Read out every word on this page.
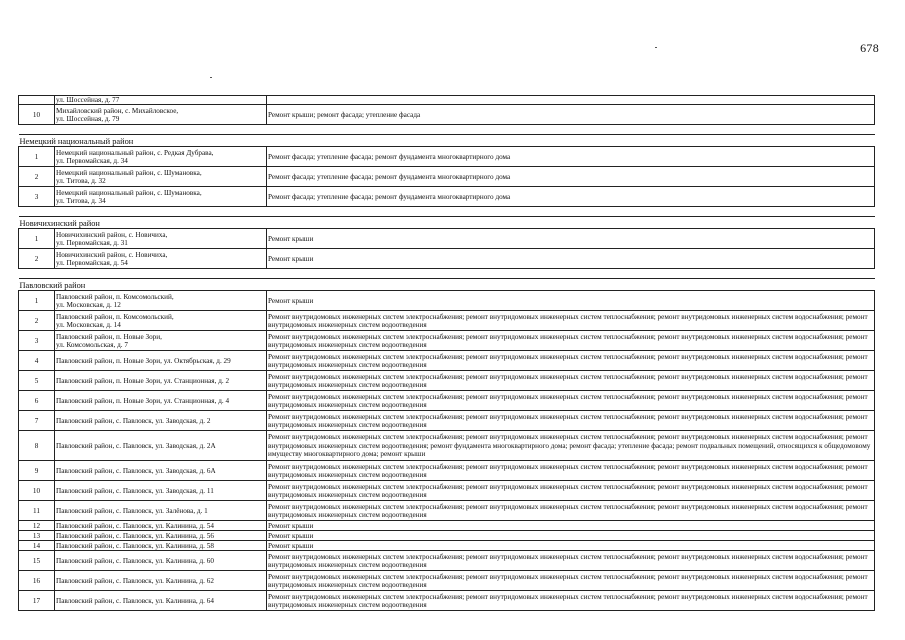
678

	ул. Шоссейная, д. 77	

10	Михайловский район, с. Михайловское,
ул. Шоссейная, д. 79	Ремонт крыши; ремонт фасада; утепление фасада

Немецкий национальный район		
1	Немецкий национальный район, с. Редкая Дубрава,
ул. Первомайская, д. 34	Ремонт фасада; утепление фасада; ремонт фундамента многоквартирного дома
2	Немецкий национальный район, с. Шумановка,
ул. Титова, д. 32	Ремонт фасада; утепление фасада; ремонт фундамента многоквартирного дома
3	Немецкий национальный район, с. Шумановка,
ул. Титова, д. 34	Ремонт фасада; утепление фасада; ремонт фундамента многоквартирного дома

Новичихинский район		
1	Новичихинский район, с. Новичиха,
ул. Первомайская, д. 31	Ремонт крыши
2	Новичихинский район, с. Новичиха,
ул. Первомайская, д. 54	Ремонт крыши

Павловский район		
1	Павловский район, п. Комсомольский,
ул. Московская, д. 12	Ремонт крыши
2	Павловский район, п. Комсомольский,
ул. Московская, д. 14	Ремонт внутридомовых инженерных систем электроснабжения; ремонт внутридомовых инженерных систем теплоснабжения; ремонт внутридомовых инженерных систем водоснабжения; ремонт внутридомовых инженерных систем водоотведения
3	Павловский район, п. Новые Зори,
ул. Комсомольская, д. 7	Ремонт внутридомовых инженерных систем электроснабжения; ремонт внутридомовых инженерных систем теплоснабжения; ремонт внутридомовых инженерных систем водоснабжения; ремонт внутридомовых инженерных систем водоотведения
4	Павловский район, п. Новые Зори, ул. Октябрьская, д. 29	Ремонт внутридомовых инженерных систем электроснабжения; ремонт внутридомовых инженерных систем теплоснабжения; ремонт внутридомовых инженерных систем водоснабжения; ремонт внутридомовых инженерных систем водоотведения
5	Павловский район, п. Новые Зори, ул. Станционная, д. 2	Ремонт внутридомовых инженерных систем электроснабжения; ремонт внутридомовых инженерных систем теплоснабжения; ремонт внутридомовых инженерных систем водоснабжения; ремонт внутридомовых инженерных систем водоотведения
6	Павловский район, п. Новые Зори, ул. Станционная, д. 4	Ремонт внутридомовых инженерных систем электроснабжения; ремонт внутридомовых инженерных систем теплоснабжения; ремонт внутридомовых инженерных систем водоснабжения; ремонт внутридомовых инженерных систем водоотведения
7	Павловский район, с. Павловск, ул. Заводская, д. 2	Ремонт внутридомовых инженерных систем электроснабжения; ремонт внутридомовых инженерных систем теплоснабжения; ремонт внутридомовых инженерных систем водоснабжения; ремонт внутридомовых инженерных систем водоотведения
8	Павловский район, с. Павловск, ул. Заводская, д. 2А	Ремонт внутридомовых инженерных систем электроснабжения; ремонт внутридомовых инженерных систем теплоснабжения; ремонт внутридомовых инженерных систем водоснабжения; ремонт внутридомовых инженерных систем водоотведения; ремонт фундамента многоквартирного дома; ремонт фасада; утепление фасада; ремонт подвальных помещений, относящихся к общедомовому имуществу многоквартирного дома; ремонт крыши
9	Павловский район, с. Павловск, ул. Заводская, д. 6А	Ремонт внутридомовых инженерных систем электроснабжения; ремонт внутридомовых инженерных систем теплоснабжения; ремонт внутридомовых инженерных систем водоснабжения; ремонт внутридомовых инженерных систем водоотведения
10	Павловский район, с. Павловск, ул. Заводская, д. 11	Ремонт внутридомовых инженерных систем электроснабжения; ремонт внутридомовых инженерных систем теплоснабжения; ремонт внутридомовых инженерных систем водоснабжения; ремонт внутридомовых инженерных систем водоотведения
11	Павловский район, с. Павловск, ул. Залёнова, д. 1	Ремонт внутридомовых инженерных систем электроснабжения; ремонт внутридомовых инженерных систем теплоснабжения; ремонт внутридомовых инженерных систем водоснабжения; ремонт внутридомовых инженерных систем водоотведения
12	Павловский район, с. Павловск, ул. Калинина, д. 54	Ремонт крыши
13	Павловский район, с. Павловск, ул. Калинина, д. 56	Ремонт крыши
14	Павловский район, с. Павловск, ул. Калинина, д. 58	Ремонт крыши
15	Павловский район, с. Павловск, ул. Калинина, д. 60	Ремонт внутридомовых инженерных систем электроснабжения; ремонт внутридомовых инженерных систем теплоснабжения; ремонт внутридомовых инженерных систем водоснабжения; ремонт внутридомовых инженерных систем водоотведения
16	Павловский район, с. Павловск, ул. Калинина, д. 62	Ремонт внутридомовых инженерных систем электроснабжения; ремонт внутридомовых инженерных систем теплоснабжения; ремонт внутридомовых инженерных систем водоснабжения; ремонт внутридомовых инженерных систем водоотведения
17	Павловский район, с. Павловск, ул. Калинина, д. 64	Ремонт внутридомовых инженерных систем электроснабжения; ремонт внутридомовых инженерных систем теплоснабжения; ремонт внутридомовых инженерных систем водоснабжения; ремонт внутридомовых инженерных систем водоотведения
